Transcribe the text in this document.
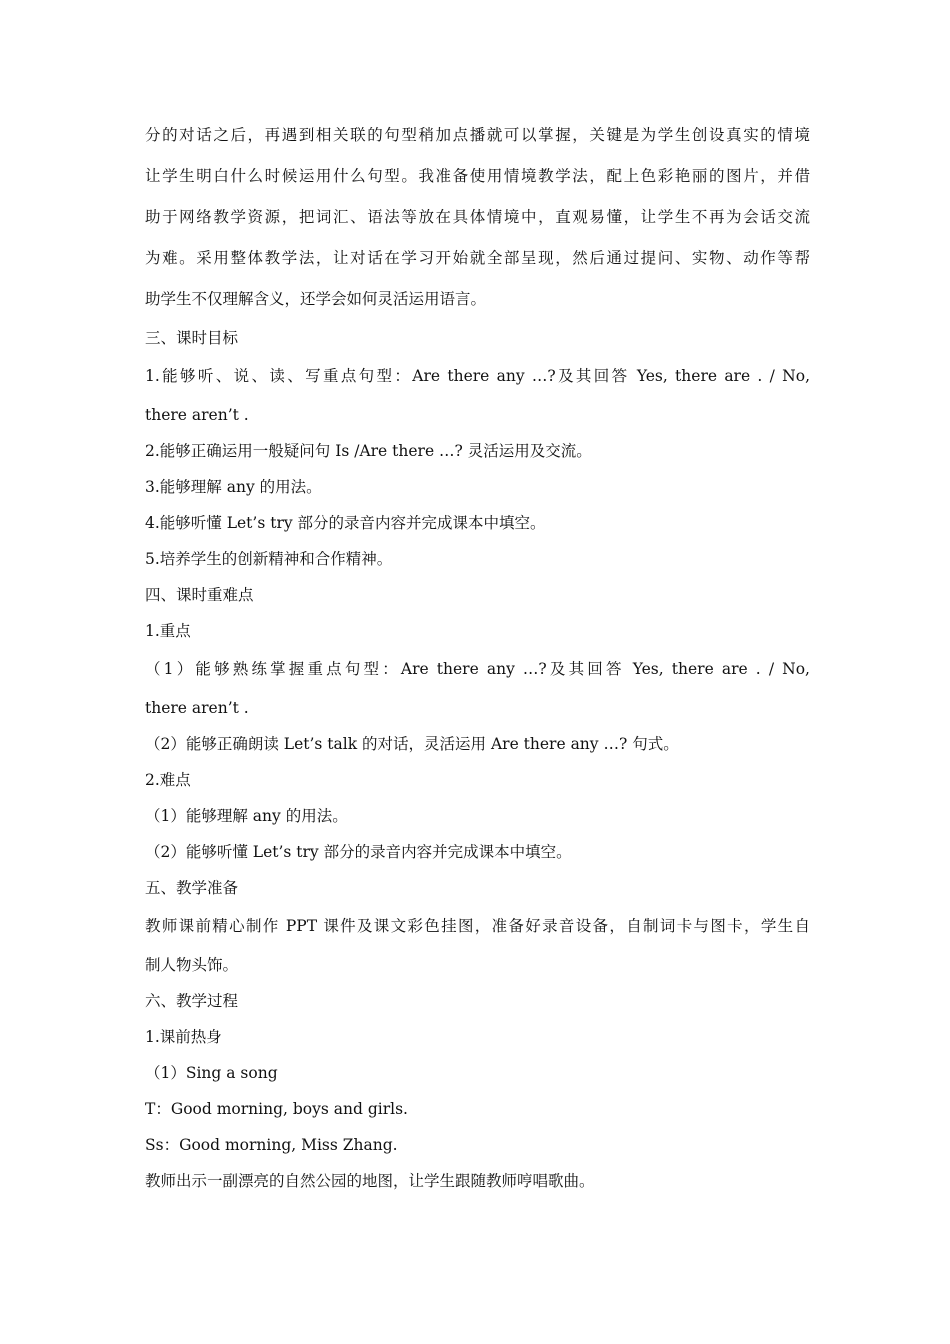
分的对话之后，再遇到相关联的句型稍加点播就可以掌握，关键是为学生创设真实的情境
让学生明白什么时候运用什么句型。我准备使用情境教学法，配上色彩艳丽的图片，并借
助于网络教学资源，把词汇、语法等放在具体情境中，直观易懂，让学生不再为会话交流
为难。采用整体教学法，让对话在学习开始就全部呈现，然后通过提问、实物、动作等帮
助学生不仅理解含义，还学会如何灵活运用语言。
三、课时目标
1.能够听、说、读、写重点句型：Are there any …?及其回答 Yes, there are . / No,
there aren’t .
2.能够正确运用一般疑问句 Is /Are there …? 灵活运用及交流。
3.能够理解 any 的用法。
4.能够听懂 Let’s try 部分的录音内容并完成课本中填空。
5.培养学生的创新精神和合作精神。
四、课时重难点
1.重点
（1）能够熟练掌握重点句型：Are there any …?及其回答 Yes, there are . / No,
there aren’t .
（2）能够正确朗读 Let’s talk 的对话，灵活运用 Are there any …? 句式。
2.难点
（1）能够理解 any 的用法。
（2）能够听懂 Let’s try 部分的录音内容并完成课本中填空。
五、教学准备
教师课前精心制作 PPT 课件及课文彩色挂图，准备好录音设备，自制词卡与图卡，学生自
制人物头饰。
六、教学过程
1.课前热身
（1）Sing a song
T：Good morning, boys and girls.
Ss：Good morning, Miss Zhang.
教师出示一副漂亮的自然公园的地图，让学生跟随教师哼唱歌曲。
